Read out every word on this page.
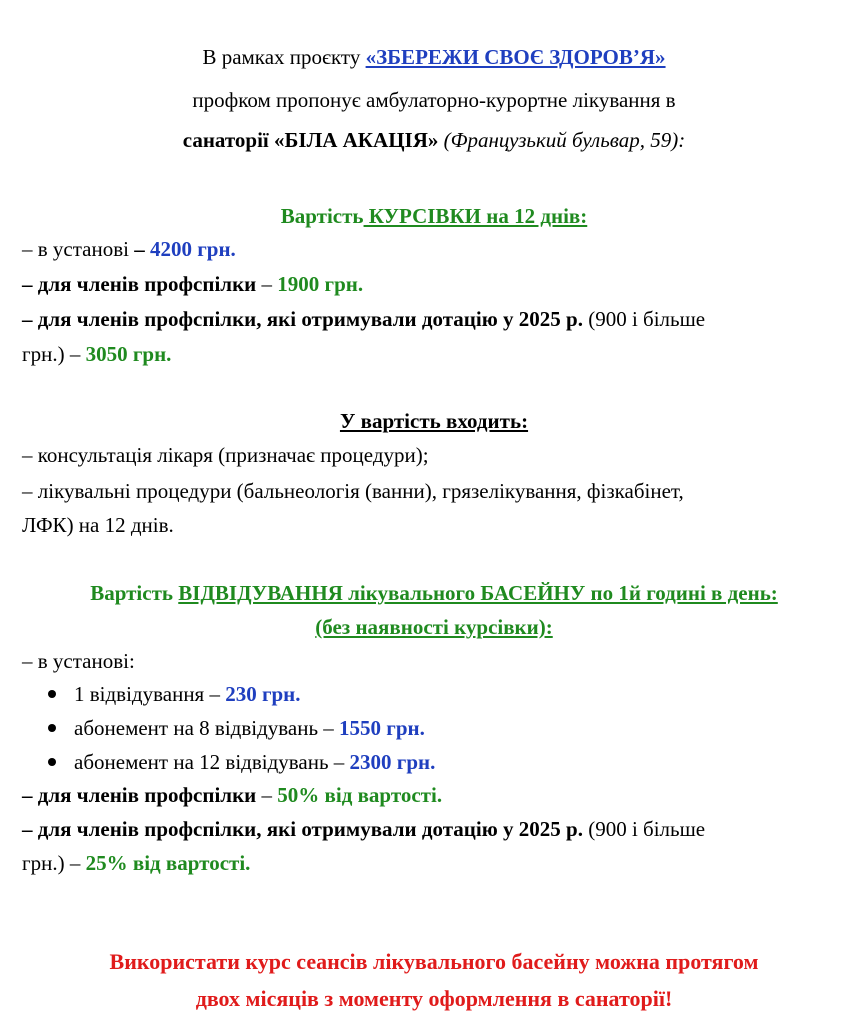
В рамках проєкту «ЗБЕРЕЖИ СВОЄ ЗДОРОВ’Я»
профком пропонує амбулаторно-курортне лікування в
санаторії «БІЛА АКАЦІЯ» (Французький бульвар, 59):
Вартість КУРСІВКИ на 12 днів:
– в установі – 4200 грн.
– для членів профспілки – 1900 грн.
– для членів профспілки, які отримували дотацію у 2025 р. (900 і більше
грн.) – 3050 грн.
У вартість входить:
– консультація лікаря (призначає процедури);
– лікувальні процедури (бальнеологія (ванни), грязелікування, фізкабінет,
ЛФК) на 12 днів.
Вартість ВІДВІДУВАННЯ лікувального БАСЕЙНУ по 1й годині в день:
(без наявності курсівки):
– в установі:
1 відвідування – 230 грн.
абонемент на 8 відвідувань – 1550 грн.
абонемент на 12 відвідувань – 2300 грн.
– для членів профспілки – 50% від вартості.
– для членів профспілки, які отримували дотацію у 2025 р. (900 і більше
грн.) – 25% від вартості.
Використати курс сеансів лікувального басейну можна протягом
двох місяців з моменту оформлення в санаторії!
